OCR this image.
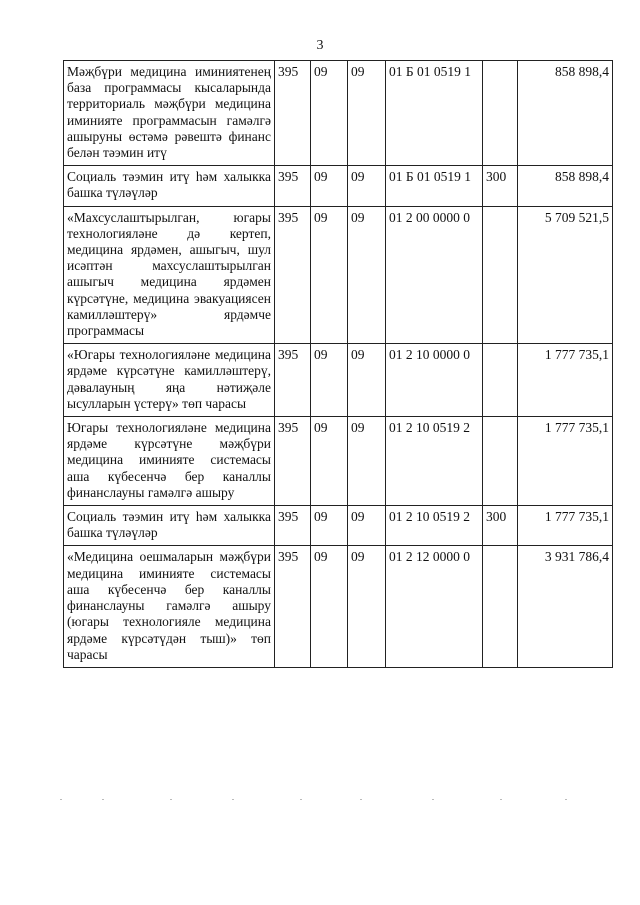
3
Мәҗбүри медицина иминиятенең база программасы кысаларында территориаль мәҗбүри медицина иминияте программасын гамәлгә ашыруны өстәмә рәвештә финанс белән тәэмин итү	395	09	09	01 Б 01 0519 1		858 898,4
Социаль тәэмин итү һәм халыкка башка түләүләр	395	09	09	01 Б 01 0519 1	300	858 898,4
«Махсуслаштырылган, югары технологияләне дә кертеп, медицина ярдәмен, ашыгыч, шул исәптән махсуслаштырылган ашыгыч медицина ярдәмен күрсәтүне, медицина эвакуациясен камилләштерү» ярдәмче программасы	395	09	09	01 2 00 0000 0		5 709 521,5
«Югары технологияләне медицина ярдәме күрсәтүне камилләштерү, дәвалауның яңа нәтиҗәле ысулларын үстерү» төп чарасы	395	09	09	01 2 10 0000 0		1 777 735,1
Югары технологияләне медицина ярдәме күрсәтүне мәҗбүри медицина иминияте системасы аша күбесенчә бер каналлы финанслауны гамәлгә ашыру	395	09	09	01 2 10 0519 2		1 777 735,1
Социаль тәэмин итү һәм халыкка башка түләүләр	395	09	09	01 2 10 0519 2	300	1 777 735,1
«Медицина оешмаларын мәҗбүри медицина иминияте системасы аша күбесенчә бер каналлы финанслауны гамәлгә ашыру (югары технологияле медицина ярдәме күрсәтүдән тыш)» төп чарасы	395	09	09	01 2 12 0000 0		3 931 786,4
